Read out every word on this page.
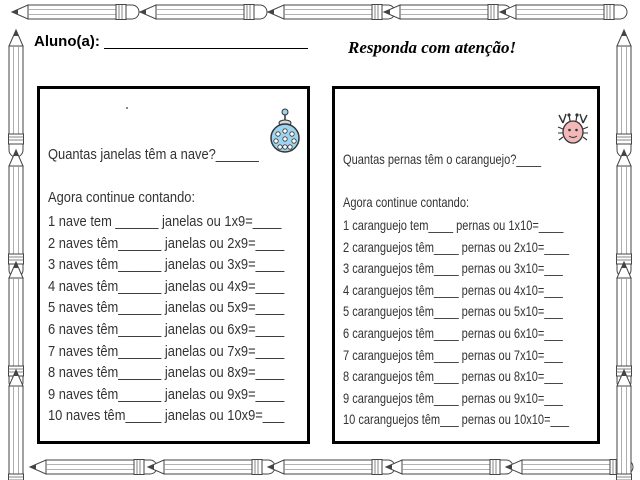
Aluno(a):	Responda com atenção!
Quantas janelas têm a nave?______
Agora continue contando:
1 nave tem ______ janelas ou 1x9=____
2 naves têm______ janelas ou 2x9=____
3 naves têm______ janelas ou 3x9=____
4 naves têm______ janelas ou 4x9=____
5 naves têm______ janelas ou 5x9=____
6 naves têm______ janelas ou 6x9=____
7 naves têm______ janelas ou 7x9=____
8 naves têm______ janelas ou 8x9=____
9 naves têm______ janelas ou 9x9=____
10 naves têm_____ janelas ou 10x9=___
Quantas pernas têm o caranguejo?____
Agora continue contando:
1 caranguejo tem____ pernas ou 1x10=____
2 caranguejos têm____ pernas ou 2x10=____
3 caranguejos têm____ pernas ou 3x10=___
4 caranguejos têm____ pernas ou 4x10=___
5 caranguejos têm____ pernas ou 5x10=___
6 caranguejos têm____ pernas ou 6x10=___
7 caranguejos têm____ pernas ou 7x10=___
8 caranguejos têm____ pernas ou 8x10=___
9 caranguejos têm____ pernas ou 9x10=___
10 caranguejos têm___ pernas ou 10x10=___
